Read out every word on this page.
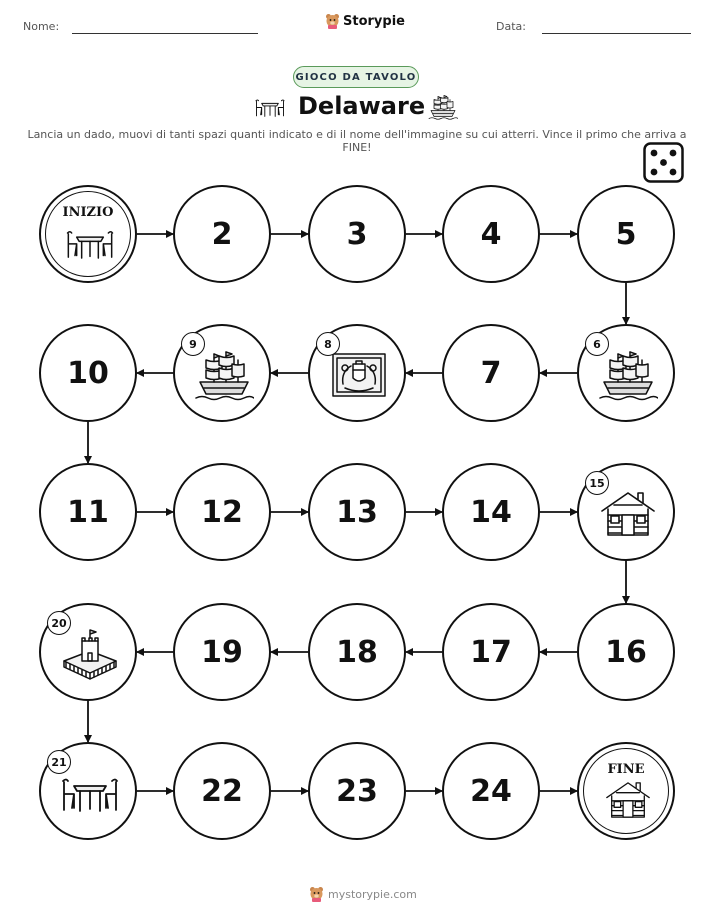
Nome:	Storypie	Data:
GIOCO DA TAVOLO
Delaware
Lancia un dado, muovi di tanti spazi quanti indicato e di il nome dell'immagine su cui atterri. Vince il primo che arriva a FINE!
INIZIO
2	3	4	5
6
7
8
9
10
11	12	13	14
15
16
17
18
19
20
21
22	23	24
FINE
mystorypie.com
